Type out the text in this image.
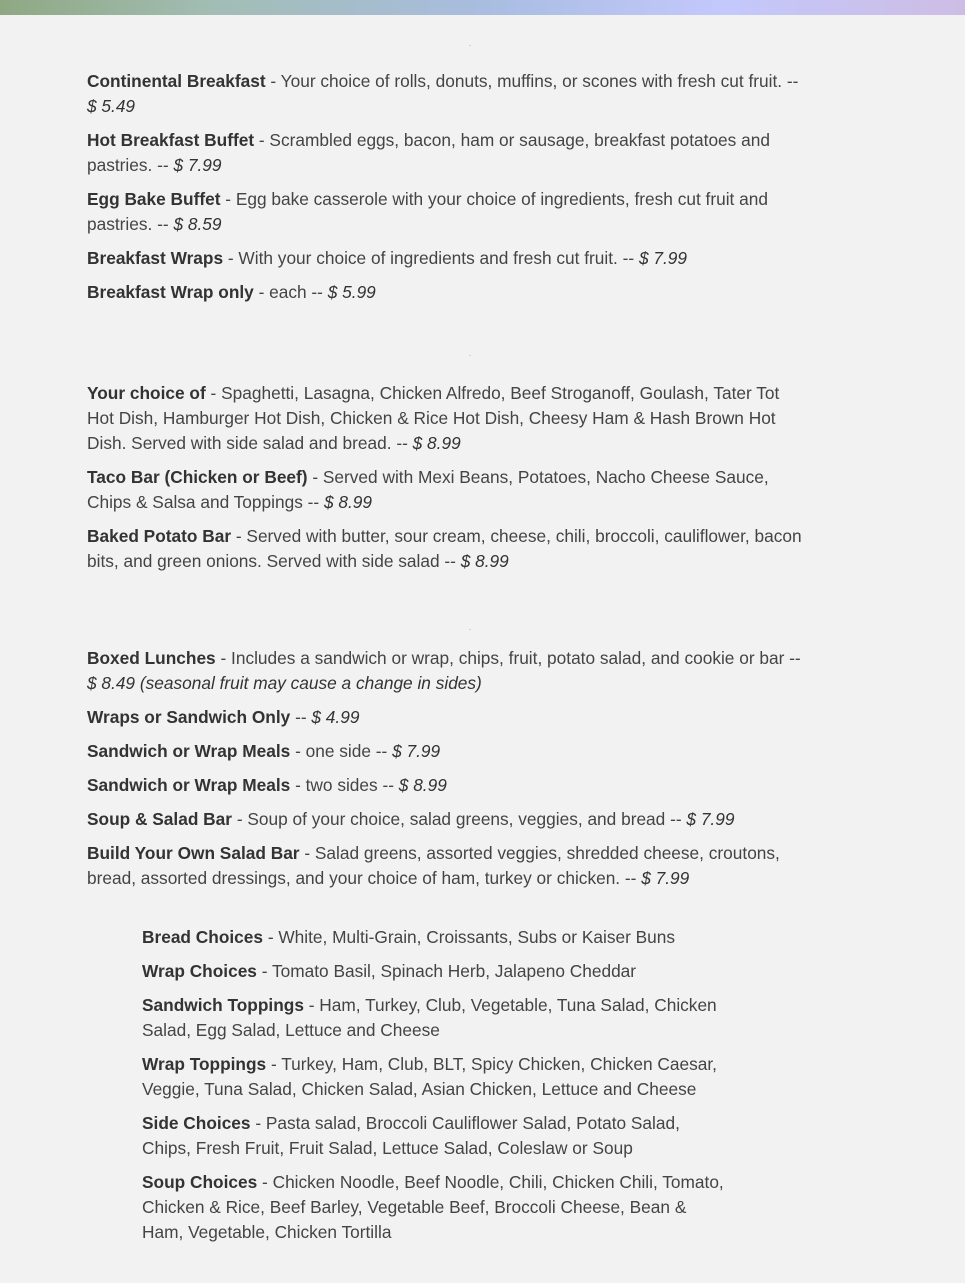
Continental Breakfast - Your choice of rolls, donuts, muffins, or scones with fresh cut fruit. -- $ 5.49

Hot Breakfast Buffet - Scrambled eggs, bacon, ham or sausage, breakfast potatoes and pastries. -- $ 7.99

Egg Bake Buffet - Egg bake casserole with your choice of ingredients, fresh cut fruit and pastries. -- $ 8.59

Breakfast Wraps - With your choice of ingredients and fresh cut fruit. -- $ 7.99

Breakfast Wrap only - each -- $ 5.99

Your choice of - Spaghetti, Lasagna, Chicken Alfredo, Beef Stroganoff, Goulash, Tater Tot Hot Dish, Hamburger Hot Dish, Chicken & Rice Hot Dish, Cheesy Ham & Hash Brown Hot Dish. Served with side salad and bread. -- $ 8.99

Taco Bar (Chicken or Beef) - Served with Mexi Beans, Potatoes, Nacho Cheese Sauce, Chips & Salsa and Toppings -- $ 8.99

Baked Potato Bar - Served with butter, sour cream, cheese, chili, broccoli, cauliflower, bacon bits, and green onions. Served with side salad -- $ 8.99

Boxed Lunches - Includes a sandwich or wrap, chips, fruit, potato salad, and cookie or bar -- $ 8.49 (seasonal fruit may cause a change in sides)

Wraps or Sandwich Only -- $ 4.99

Sandwich or Wrap Meals - one side -- $ 7.99

Sandwich or Wrap Meals - two sides -- $ 8.99

Soup & Salad Bar - Soup of your choice, salad greens, veggies, and bread -- $ 7.99

Build Your Own Salad Bar - Salad greens, assorted veggies, shredded cheese, croutons, bread, assorted dressings, and your choice of ham, turkey or chicken. -- $ 7.99

Bread Choices - White, Multi-Grain, Croissants, Subs or Kaiser Buns

Wrap Choices - Tomato Basil, Spinach Herb, Jalapeno Cheddar

Sandwich Toppings - Ham, Turkey, Club, Vegetable, Tuna Salad, Chicken Salad, Egg Salad, Lettuce and Cheese

Wrap Toppings - Turkey, Ham, Club, BLT, Spicy Chicken, Chicken Caesar, Veggie, Tuna Salad, Chicken Salad, Asian Chicken, Lettuce and Cheese

Side Choices - Pasta salad, Broccoli Cauliflower Salad, Potato Salad, Chips, Fresh Fruit, Fruit Salad, Lettuce Salad, Coleslaw or Soup

Soup Choices - Chicken Noodle, Beef Noodle, Chili, Chicken Chili, Tomato, Chicken & Rice, Beef Barley, Vegetable Beef, Broccoli Cheese, Bean & Ham, Vegetable, Chicken Tortilla
